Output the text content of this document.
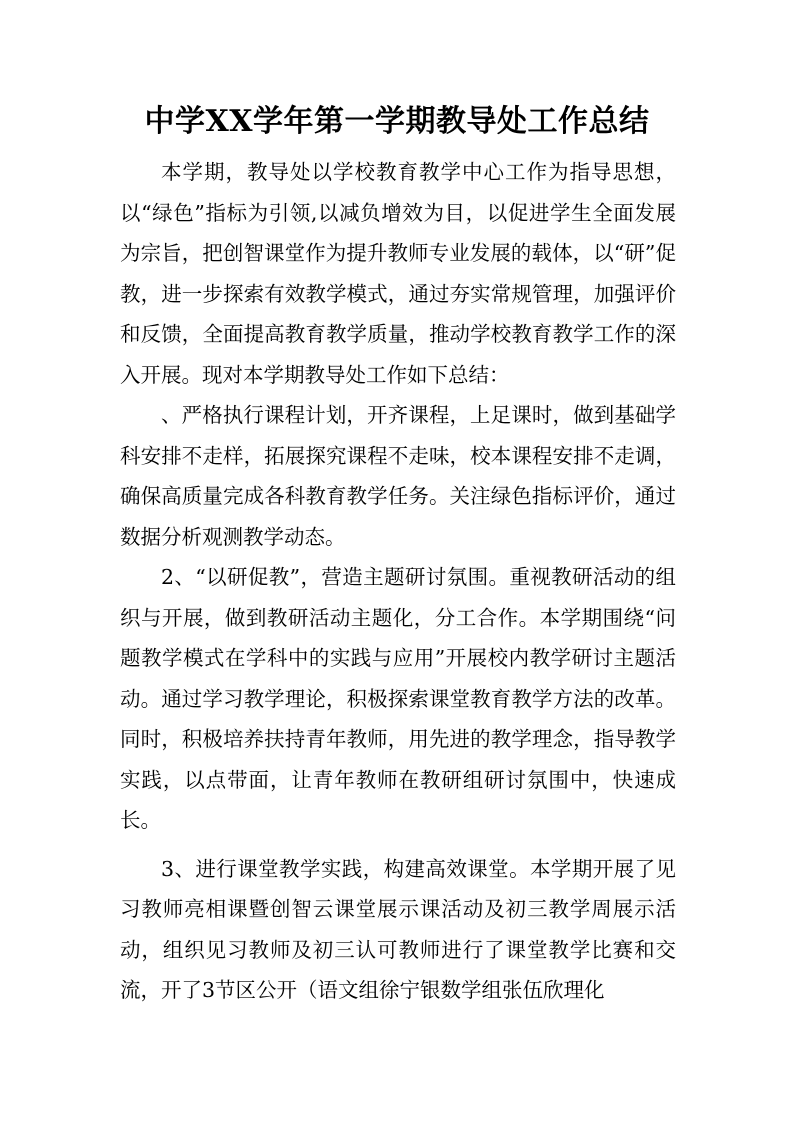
中学XX学年第一学期教导处工作总结

本学期，教导处以学校教育教学中心工作为指导思想，以“绿色”指标为引领,以减负增效为目，以促进学生全面发展为宗旨，把创智课堂作为提升教师专业发展的载体，以“研”促教，进一步探索有效教学模式，通过夯实常规管理，加强评价和反馈，全面提高教育教学质量，推动学校教育教学工作的深入开展。现对本学期教导处工作如下总结：

、严格执行课程计划，开齐课程，上足课时，做到基础学科安排不走样，拓展探究课程不走味，校本课程安排不走调，确保高质量完成各科教育教学任务。关注绿色指标评价，通过数据分析观测教学动态。

2、“以研促教”，营造主题研讨氛围。重视教研活动的组织与开展，做到教研活动主题化，分工合作。本学期围绕“问题教学模式在学科中的实践与应用”开展校内教学研讨主题活动。通过学习教学理论，积极探索课堂教育教学方法的改革。同时，积极培养扶持青年教师，用先进的教学理念，指导教学实践，以点带面，让青年教师在教研组研讨氛围中，快速成长。

3、进行课堂教学实践，构建高效课堂。本学期开展了见习教师亮相课暨创智云课堂展示课活动及初三教学周展示活动，组织见习教师及初三认可教师进行了课堂教学比赛和交流，开了3节区公开（语文组徐宁银数学组张伍欣理化
